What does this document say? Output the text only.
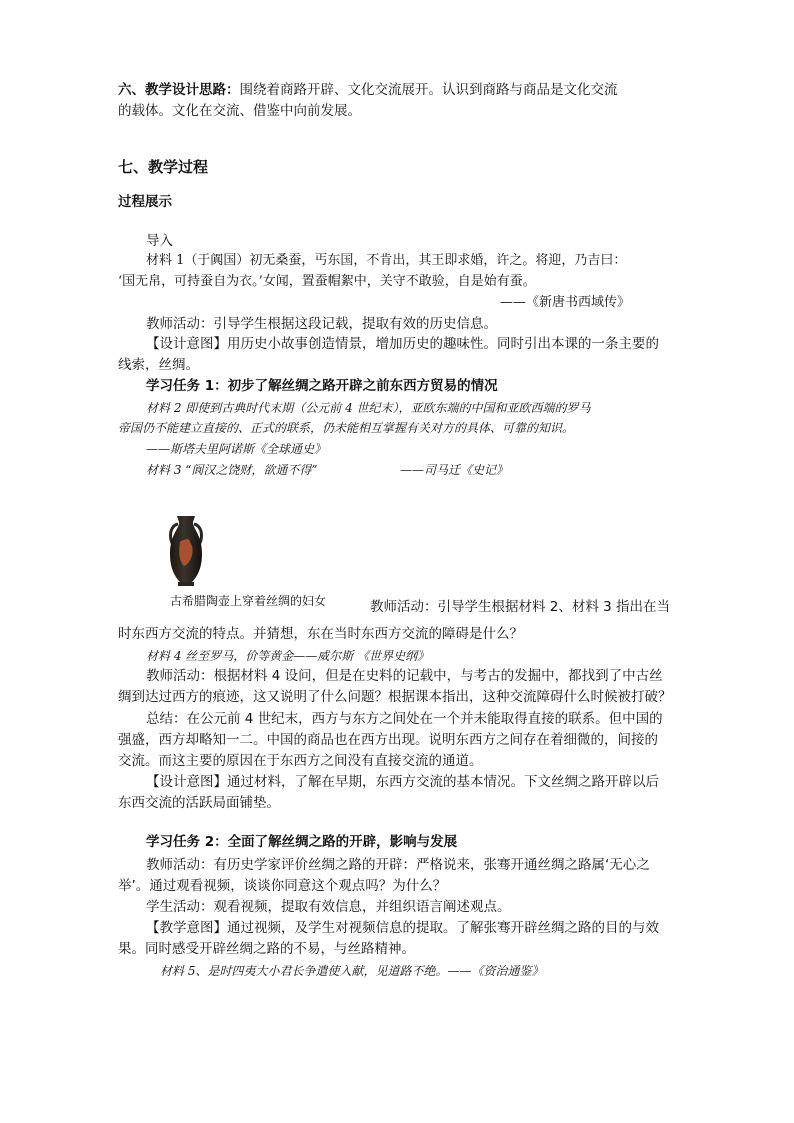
六、教学设计思路：围绕着商路开辟、文化交流展开。认识到商路与商品是文化交流
的载体。文化在交流、借鉴中向前发展。
七、教学过程
过程展示
导入
材料 1（于阗国）初无桑蚕，丐东国，不肯出，其王即求婚，许之。将迎，乃吉曰：
‘国无帛，可持蚕自为衣。’女闻，置蚕帽絮中，关守不敢验，自是始有蚕。
——《新唐书西域传》
教师活动：引导学生根据这段记载，提取有效的历史信息。
【设计意图】用历史小故事创造情景，增加历史的趣味性。同时引出本课的一条主要的
线索，丝绸。
学习任务 1：初步了解丝绸之路开辟之前东西方贸易的情况
材料 2 即使到古典时代末期（公元前 4 世纪末），亚欧东端的中国和亚欧西端的罗马
帝国仍不能建立直接的、正式的联系，仍未能相互掌握有关对方的具体、可靠的知识。
——斯塔夫里阿诺斯《全球通史》
材料 3 “阆汉之饶财，欲通不得”	——司马迁《史记》
古希腊陶壶上穿着丝绸的妇女	教师活动：引导学生根据材料 2、材料 3 指出在当
时东西方交流的特点。并猜想，东在当时东西方交流的障碍是什么？
材料 4 丝至罗马，价等黄金——威尔斯 《世界史纲》
教师活动：根据材料 4 设问，但是在史料的记载中，与考古的发掘中，都找到了中古丝
绸到达过西方的痕迹，这又说明了什么问题？根据课本指出，这种交流障碍什么时候被打破？
总结：在公元前 4 世纪末，西方与东方之间处在一个并未能取得直接的联系。但中国的
强盛，西方却略知一二。中国的商品也在西方出现。说明东西方之间存在着细微的，间接的
交流。而这主要的原因在于东西方之间没有直接交流的通道。
【设计意图】通过材料，了解在早期，东西方交流的基本情况。下文丝绸之路开辟以后
东西交流的活跃局面铺垫。
学习任务 2：全面了解丝绸之路的开辟，影响与发展
教师活动：有历史学家评价丝绸之路的开辟：严格说来，张骞开通丝绸之路属‘无心之
举’。通过观看视频，谈谈你同意这个观点吗？为什么？
学生活动：观看视频，提取有效信息，并组织语言阐述观点。
【教学意图】通过视频，及学生对视频信息的提取。了解张骞开辟丝绸之路的目的与效
果。同时感受开辟丝绸之路的不易，与丝路精神。
材料 5、是时四夷大小君长争遣使入献，见道路不绝。——《资治通鉴》
